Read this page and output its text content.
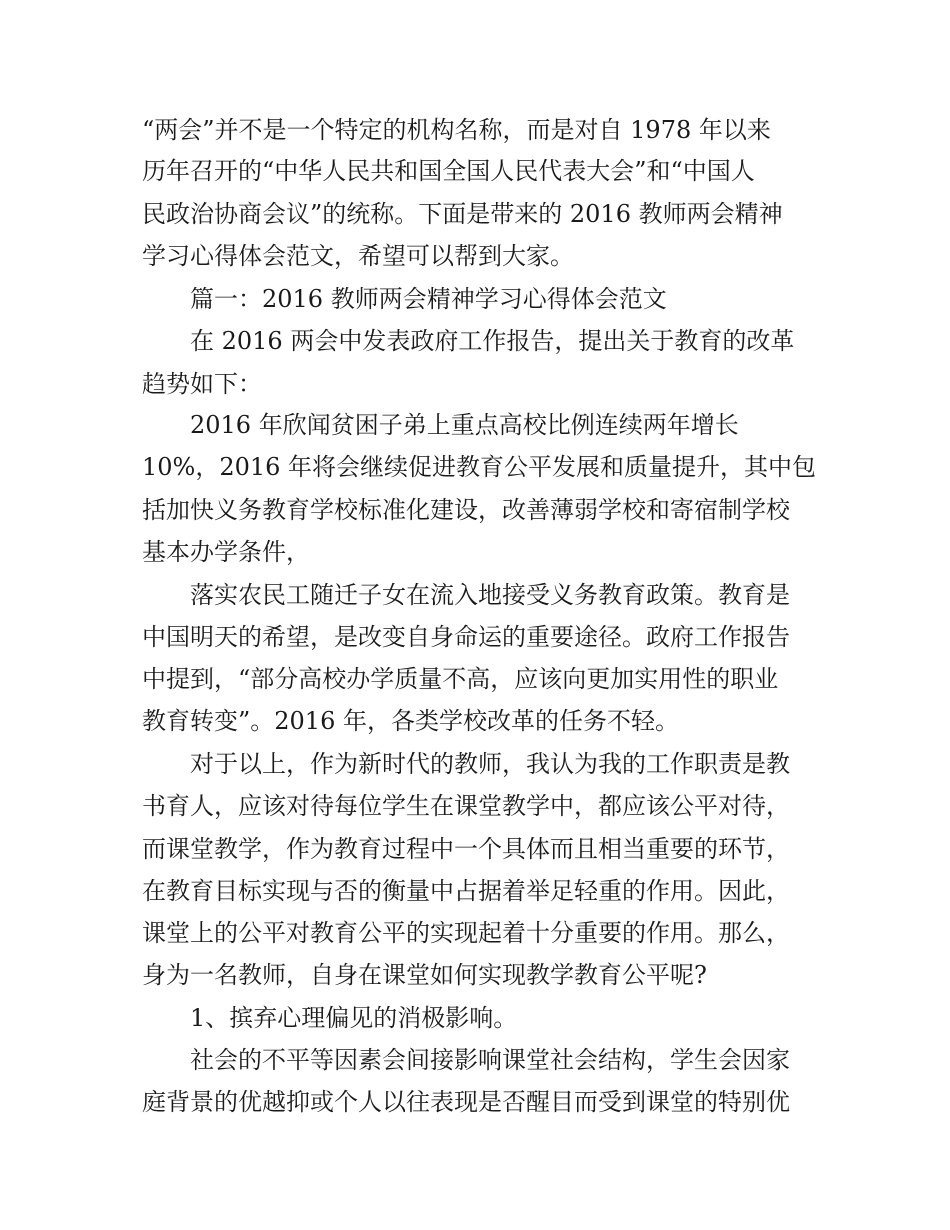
“两会”并不是一个特定的机构名称，而是对自 1978 年以来
历年召开的“中华人民共和国全国人民代表大会”和“中国人
民政治协商会议”的统称。下面是带来的 2016 教师两会精神
学习心得体会范文，希望可以帮到大家。
篇一：2016 教师两会精神学习心得体会范文
在 2016 两会中发表政府工作报告，提出关于教育的改革
趋势如下：
2016 年欣闻贫困子弟上重点高校比例连续两年增长
10%，2016 年将会继续促进教育公平发展和质量提升，其中包
括加快义务教育学校标准化建设，改善薄弱学校和寄宿制学校
基本办学条件，
落实农民工随迁子女在流入地接受义务教育政策。教育是
中国明天的希望，是改变自身命运的重要途径。政府工作报告
中提到，“部分高校办学质量不高，应该向更加实用性的职业
教育转变”。2016 年，各类学校改革的任务不轻。
对于以上，作为新时代的教师，我认为我的工作职责是教
书育人，应该对待每位学生在课堂教学中，都应该公平对待，
而课堂教学，作为教育过程中一个具体而且相当重要的环节，
在教育目标实现与否的衡量中占据着举足轻重的作用。因此，
课堂上的公平对教育公平的实现起着十分重要的作用。那么，
身为一名教师，自身在课堂如何实现教学教育公平呢?
1、摈弃心理偏见的消极影响。
社会的不平等因素会间接影响课堂社会结构，学生会因家
庭背景的优越抑或个人以往表现是否醒目而受到课堂的特别优
